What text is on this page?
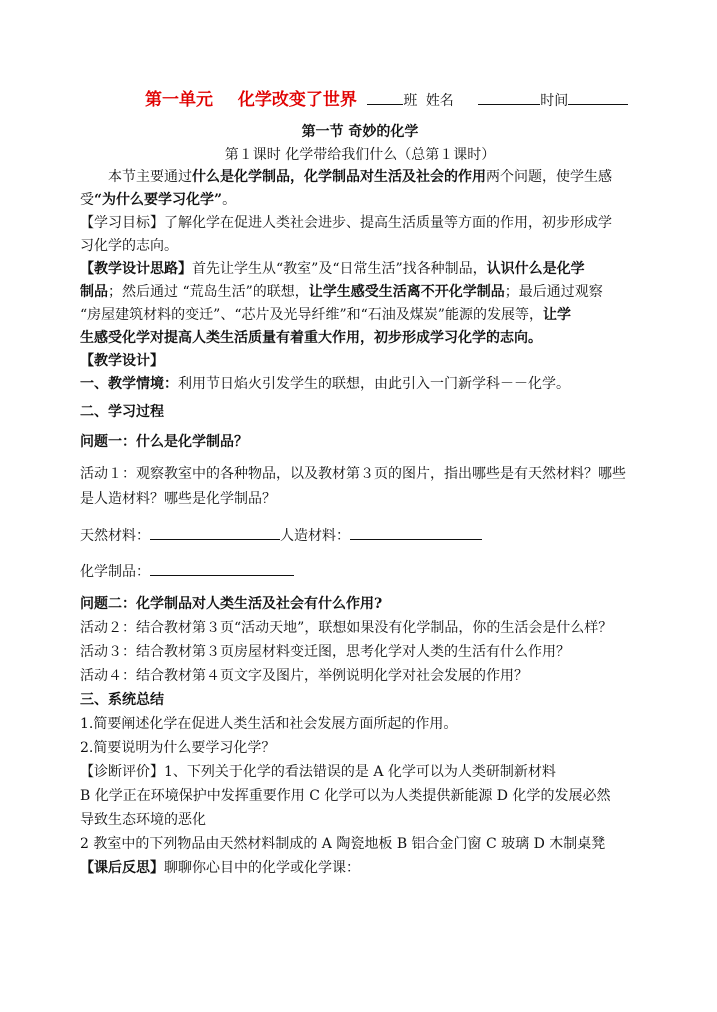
第一单元 化学改变了世界	班 姓名	时间
第一节 奇妙的化学
第１课时 化学带给我们什么（总第１课时）
本节主要通过什么是化学制品，化学制品对生活及社会的作用两个问题，使学生感
受“为什么要学习化学”。
【学习目标】了解化学在促进人类社会进步、提高生活质量等方面的作用，初步形成学
习化学的志向。
【教学设计思路】首先让学生从“教室”及“日常生活”找各种制品，认识什么是化学
制品；然后通过 “荒岛生活”的联想，让学生感受生活离不开化学制品；最后通过观察
“房屋建筑材料的变迁”、“芯片及光导纤维”和“石油及煤炭”能源的发展等，让学
生感受化学对提高人类生活质量有着重大作用，初步形成学习化学的志向。
【教学设计】
一、教学情境：利用节日焰火引发学生的联想，由此引入一门新学科－－化学。
二、学习过程
问题一：什么是化学制品？
活动１：观察教室中的各种物品，以及教材第３页的图片，指出哪些是有天然材料？哪些
是人造材料？哪些是化学制品？
天然材料：	人造材料：
化学制品：
问题二：化学制品对人类生活及社会有什么作用?
活动２：结合教材第３页“活动天地”，联想如果没有化学制品，你的生活会是什么样？
活动３：结合教材第３页房屋材料变迁图，思考化学对人类的生活有什么作用？
活动４：结合教材第４页文字及图片，举例说明化学对社会发展的作用？
三、系统总结
1.简要阐述化学在促进人类生活和社会发展方面所起的作用。
2.简要说明为什么要学习化学？
【诊断评价】1、下列关于化学的看法错误的是 A 化学可以为人类研制新材料
B 化学正在环境保护中发挥重要作用 C 化学可以为人类提供新能源 D 化学的发展必然
导致生态环境的恶化
2 教室中的下列物品由天然材料制成的 A 陶瓷地板 B 铝合金门窗 C 玻璃 D 木制桌凳
【课后反思】聊聊你心目中的化学或化学课：
